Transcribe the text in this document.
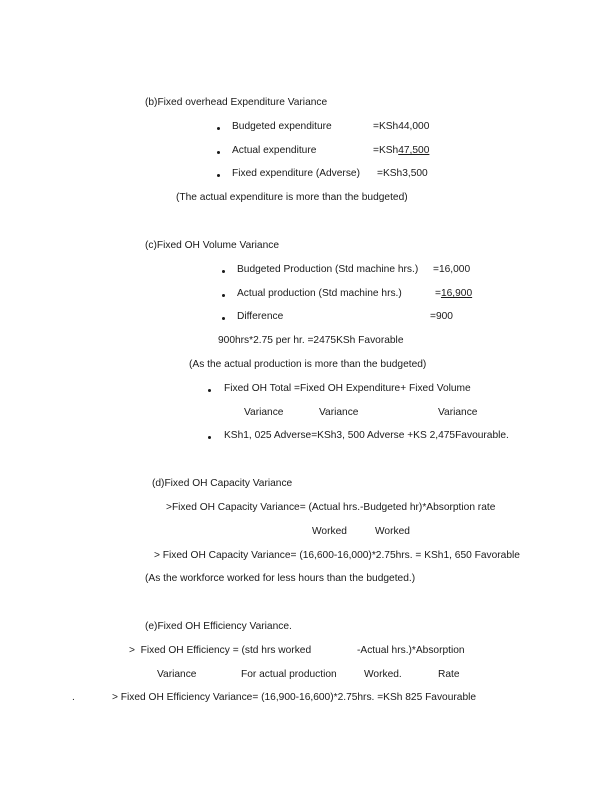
(b)Fixed overhead Expenditure Variance
Budgeted expenditure	=KSh44,000
Actual expenditure	=KSh47,500
Fixed expenditure (Adverse) =KSh3,500
(The actual expenditure is more than the budgeted)
(c)Fixed OH Volume Variance
Budgeted Production (Std machine hrs.) =16,000
Actual production (Std machine hrs.)	=16,900
Difference	=900
900hrs*2.75 per hr. =2475KSh Favorable
(As the actual production is more than the budgeted)
Fixed OH Total =Fixed OH Expenditure+ Fixed Volume
Variance	Variance	Variance
KSh1, 025 Adverse=KSh3, 500 Adverse +KS 2,475Favourable.
(d)Fixed OH Capacity Variance
>Fixed OH Capacity Variance= (Actual hrs.-Budgeted hr)*Absorption rate
Worked	Worked
> Fixed OH Capacity Variance= (16,600-16,000)*2.75hrs. = KSh1, 650 Favorable
(As the workforce worked for less hours than the budgeted.)
(e)Fixed OH Efficiency Variance.
>  Fixed OH Efficiency = (std hrs worked	-Actual hrs.)*Absorption
Variance	For actual production	Worked.	Rate
.	> Fixed OH Efficiency Variance= (16,900-16,600)*2.75hrs. =KSh 825 Favourable
